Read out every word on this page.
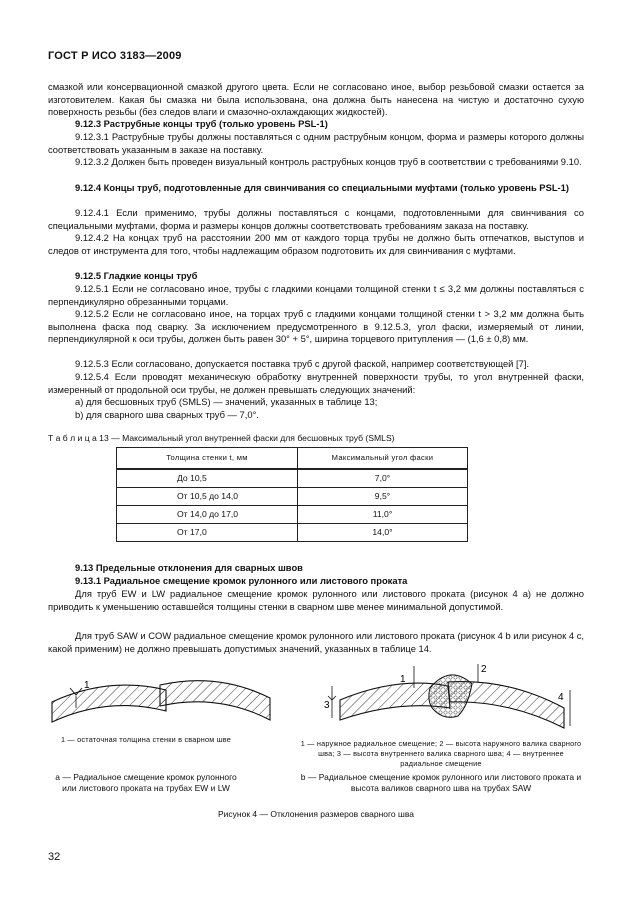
ГОСТ Р ИСО 3183—2009
смазкой или консервационной смазкой другого цвета. Если не согласовано иное, выбор резьбовой смазки остается за изготовителем. Какая бы смазка ни была использована, она должна быть нанесена на чистую и достаточно сухую поверхность резьбы (без следов влаги и смазочно-охлаждающих жидкостей).
9.12.3 Раструбные концы труб (только уровень PSL-1)
9.12.3.1 Раструбные трубы должны поставляться с одним раструбным концом, форма и размеры которого должны соответствовать указанным в заказе на поставку.
9.12.3.2 Должен быть проведен визуальный контроль раструбных концов труб в соответствии с требованиями 9.10.
9.12.4 Концы труб, подготовленные для свинчивания со специальными муфтами (только уровень PSL-1)
9.12.4.1 Если применимо, трубы должны поставляться с концами, подготовленными для свинчивания со специальными муфтами, форма и размеры концов должны соответствовать требованиям заказа на поставку.
9.12.4.2 На концах труб на расстоянии 200 мм от каждого торца трубы не должно быть отпечатков, выступов и следов от инструмента для того, чтобы надлежащим образом подготовить их для свинчивания с муфтами.
9.12.5 Гладкие концы труб
9.12.5.1 Если не согласовано иное, трубы с гладкими концами толщиной стенки t ≤ 3,2 мм должны поставляться с перпендикулярно обрезанными торцами.
9.12.5.2 Если не согласовано иное, на торцах труб с гладкими концами толщиной стенки t > 3,2 мм должна быть выполнена фаска под сварку. За исключением предусмотренного в 9.12.5.3, угол фаски, измеряемый от линии, перпендикулярной к оси трубы, должен быть равен 30° + 5°, ширина торцевого притупления — (1,6 ± 0,8) мм.
9.12.5.3 Если согласовано, допускается поставка труб с другой фаской, например соответствующей [7].
9.12.5.4 Если проводят механическую обработку внутренней поверхности трубы, то угол внутренней фаски, измеренный от продольной оси трубы, не должен превышать следующих значений:
а) для бесшовных труб (SMLS) — значений, указанных в таблице 13;
b) для сварного шва сварных труб — 7,0°.
Т а б л и ц а 13 — Максимальный угол внутренней фаски для бесшовных труб (SMLS)
Толщина стенки t, мм	Максимальный угол фаски
До 10,5	7,0°
От 10,5 до 14,0	9,5°
От 14,0 до 17,0	11,0°
От 17,0	14,0°
9.13 Предельные отклонения для сварных швов
9.13.1 Радиальное смещение кромок рулонного или листового проката
Для труб EW и LW радиальное смещение кромок рулонного или листового проката (рисунок 4 а) не должно приводить к уменьшению оставшейся толщины стенки в сварном шве менее минимальной допустимой.
Для труб SAW и COW радиальное смещение кромок рулонного или листового проката (рисунок 4 b или рисунок 4 c, какой применим) не должно превышать допустимых значений, указанных в таблице 14.
1
1 — остаточная толщина стенки в сварном шве
а — Радиальное смещение кромок рулонного или листового проката на трубах EW и LW
3
1
2
4
1 — наружное радиальное смещение; 2 — высота наружного валика сварного шва; 3 — высота внутреннего валика сварного шва; 4 — внутреннее радиальное смещение
b — Радиальное смещение кромок рулонного или листового проката и высота валиков сварного шва на трубах SAW
Рисунок 4 — Отклонения размеров сварного шва
32
